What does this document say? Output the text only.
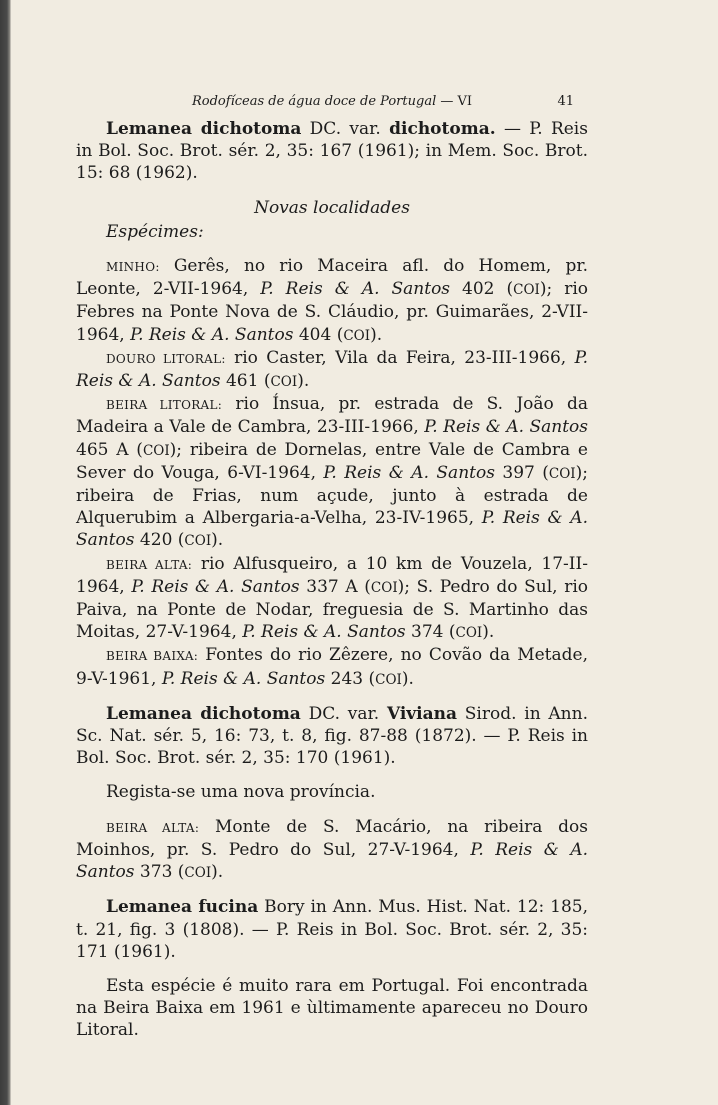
Rodofíceas de água doce de Portugal — VI	41

Lemanea dichotoma DC. var. dichotoma. — P. Reis in Bol. Soc. Brot. sér. 2, 35: 167 (1961); in Mem. Soc. Brot. 15: 68 (1962).

Novas localidades

Espécimes:

MINHO: Gerês, no rio Maceira afl. do Homem, pr. Leonte, 2-VII-1964, P. Reis & A. Santos 402 (COI); rio Febres na Ponte Nova de S. Cláudio, pr. Guimarães, 2-VII-1964, P. Reis & A. Santos 404 (COI).

DOURO LITORAL: rio Caster, Vila da Feira, 23-III-1966, P. Reis & A. Santos 461 (COI).

BEIRA LITORAL: rio Ínsua, pr. estrada de S. João da Madeira a Vale de Cambra, 23-III-1966, P. Reis & A. Santos 465 A (COI); ribeira de Dornelas, entre Vale de Cambra e Sever do Vouga, 6-VI-1964, P. Reis & A. Santos 397 (COI); ribeira de Frias, num açude, junto à estrada de Alquerubim a Albergaria-a-Velha, 23-IV-1965, P. Reis & A. Santos 420 (COI).

BEIRA ALTA: rio Alfusqueiro, a 10 km de Vouzela, 17-II-1964, P. Reis & A. Santos 337 A (COI); S. Pedro do Sul, rio Paiva, na Ponte de Nodar, freguesia de S. Martinho das Moitas, 27-V-1964, P. Reis & A. Santos 374 (COI).

BEIRA BAIXA: Fontes do rio Zêzere, no Covão da Metade, 9-V-1961, P. Reis & A. Santos 243 (COI).

Lemanea dichotoma DC. var. Viviana Sirod. in Ann. Sc. Nat. sér. 5, 16: 73, t. 8, fig. 87-88 (1872). — P. Reis in Bol. Soc. Brot. sér. 2, 35: 170 (1961).

Regista-se uma nova província.

BEIRA ALTA: Monte de S. Macário, na ribeira dos Moinhos, pr. S. Pedro do Sul, 27-V-1964, P. Reis & A. Santos 373 (COI).

Lemanea fucina Bory in Ann. Mus. Hist. Nat. 12: 185, t. 21, fig. 3 (1808). — P. Reis in Bol. Soc. Brot. sér. 2, 35: 171 (1961).

Esta espécie é muito rara em Portugal. Foi encontrada na Beira Baixa em 1961 e ùltimamente apareceu no Douro Litoral.
